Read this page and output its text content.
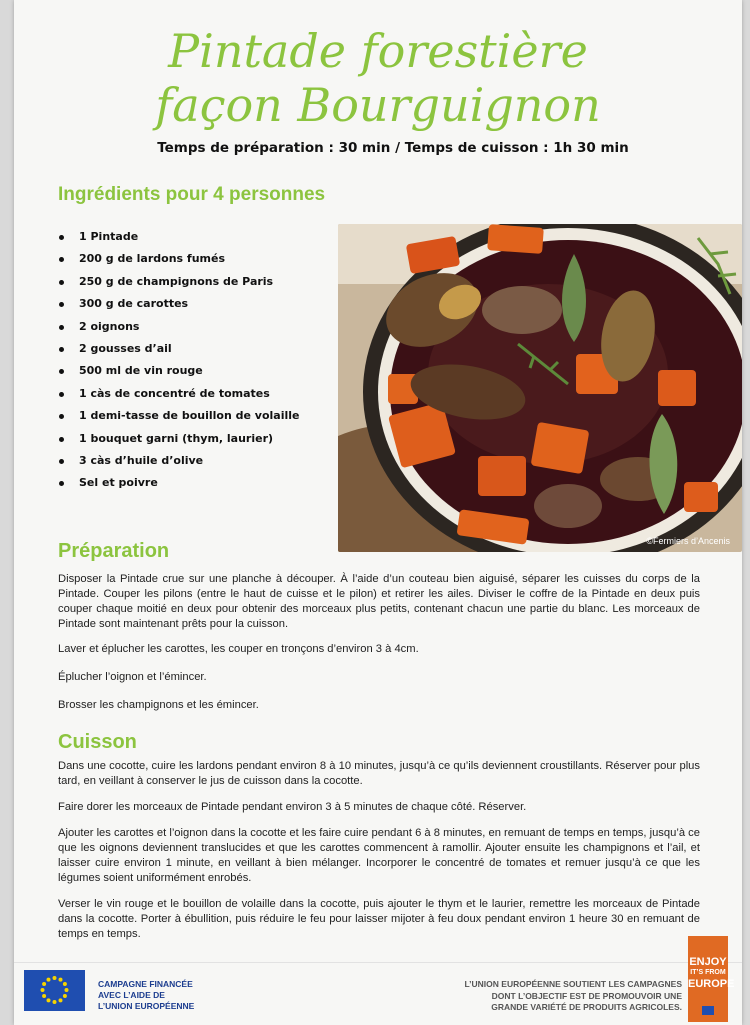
Pintade forestière
façon Bourguignon
Temps de préparation : 30 min / Temps de cuisson : 1h 30 min
Ingrédients pour 4 personnes
1 Pintade
200 g de lardons fumés
250 g de champignons de Paris
300 g de carottes
2 oignons
2 gousses d’ail
500 ml de vin rouge
1 càs de concentré de tomates
1 demi-tasse de bouillon de volaille
1 bouquet garni (thym, laurier)
3 càs d’huile d’olive
Sel et poivre
©Fermiers d’Ancenis
Préparation

Disposer la Pintade crue sur une planche à découper. À l’aide d’un couteau bien aiguisé, séparer les cuisses du corps de la Pintade. Couper les pilons (entre le haut de cuisse et le pilon) et retirer les ailes. Diviser le coffre de la Pintade en deux puis couper chaque moitié en deux pour obtenir des morceaux plus petits, contenant chacun une partie du blanc. Les morceaux de Pintade sont maintenant prêts pour la cuisson.

Laver et éplucher les carottes, les couper en tronçons d’environ 3 à 4cm.

Éplucher l’oignon et l’émincer.

Brosser les champignons et les émincer.

Cuisson

Dans une cocotte, cuire les lardons pendant environ 8 à 10 minutes, jusqu’à ce qu’ils deviennent croustillants. Réserver pour plus tard, en veillant à conserver le jus de cuisson dans la cocotte.

Faire dorer les morceaux de Pintade pendant environ 3 à 5 minutes de chaque côté. Réserver.

Ajouter les carottes et l’oignon dans la cocotte et les faire cuire pendant 6 à 8 minutes, en remuant de temps en temps, jusqu’à ce que les oignons deviennent translucides et que les carottes commencent à ramollir. Ajouter ensuite les champignons et l’ail, et laisser cuire environ 1 minute, en veillant à bien mélanger. Incorporer le concentré de tomates et remuer jusqu’à ce que les légumes soient uniformément enrobés.

Verser le vin rouge et le bouillon de volaille dans la cocotte, puis ajouter le thym et le laurier, remettre les morceaux de Pintade dans la cocotte. Porter à ébullition, puis réduire le feu pour laisser mijoter à feu doux pendant environ 1 heure 30 en remuant de temps en temps.

CAMPAGNE FINANCÉE
AVEC L’AIDE DE
L’UNION EUROPÉENNE
L’UNION EUROPÉENNE SOUTIENT LES CAMPAGNES
DONT L’OBJECTIF EST DE PROMOUVOIR UNE
GRANDE VARIÉTÉ DE PRODUITS AGRICOLES.
ENJOY
IT’S FROM
EUROPE
